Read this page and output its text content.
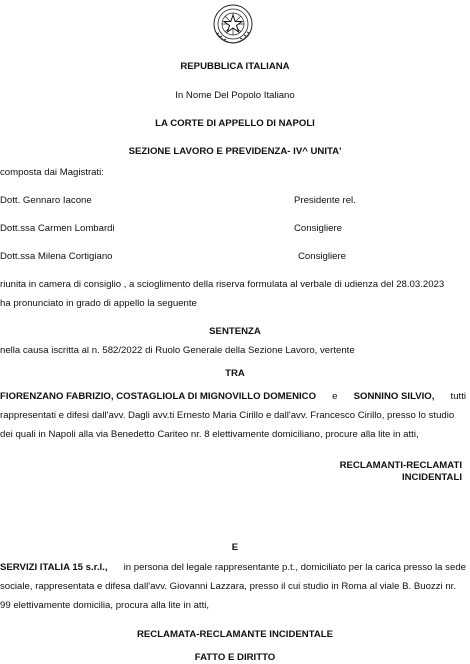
REPUBBLICA ITALIANA
In Nome Del Popolo Italiano
LA CORTE DI APPELLO DI NAPOLI
SEZIONE LAVORO E PREVIDENZA- IV^ UNITA'
composta dai Magistrati:
Dott. Gennaro Iacone	Presidente rel.
Dott.ssa Carmen Lombardi	Consigliere
Dott.ssa Milena Cortigiano	Consigliere
riunita in camera di consiglio , a scioglimento della riserva formulata al verbale di udienza del 28.03.2023
ha pronunciato in grado di appello la seguente
SENTENZA
nella causa iscritta al n. 582/2022 di Ruolo Generale della Sezione Lavoro, vertente
TRA
FIORENZANO FABRIZIO, COSTAGLIOLA DI MIGNOVILLO DOMENICO e SONNINO SILVIO, tutti
rappresentati e difesi dall'avv. Dagli avv.ti Ernesto Maria Cirillo e dall'avv. Francesco Cirillo, presso lo studio
dei quali in Napoli alla via Benedetto Cariteo nr. 8 elettivamente domiciliano, procure alla lite in atti,
RECLAMANTI-RECLAMATI
INCIDENTALI
E
SERVIZI ITALIA 15 s.r.l., in persona del legale rappresentante p.t., domiciliato per la carica presso la sede
sociale, rappresentata e difesa dall'avv. Giovanni Lazzara, presso il cui studio in Roma al viale B. Buozzi nr.
99 elettivamente domicilia, procura alla lite in atti,
RECLAMATA-RECLAMANTE INCIDENTALE
FATTO E DIRITTO
